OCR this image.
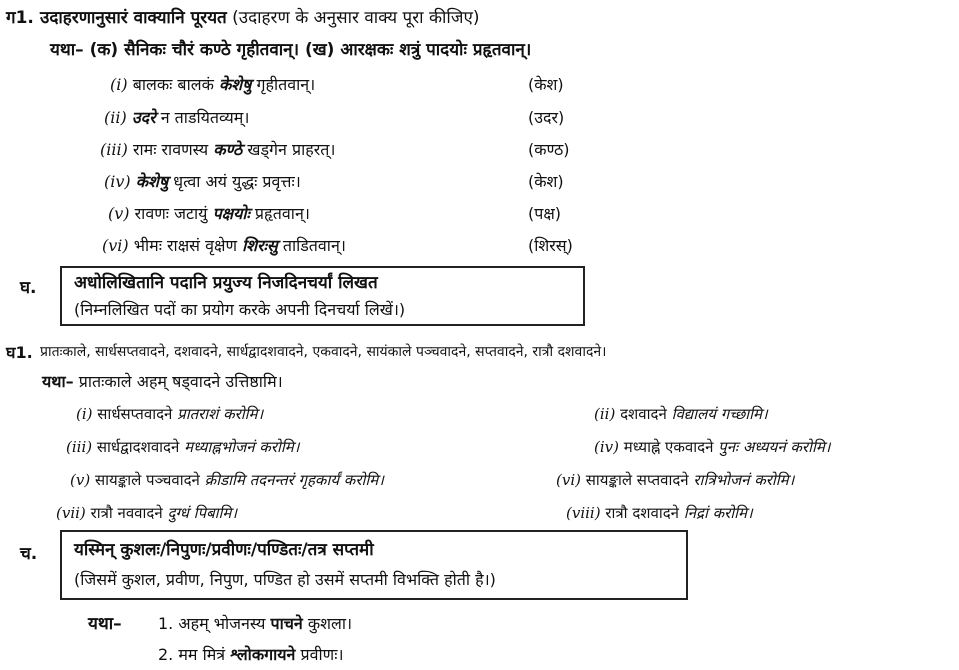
ग1. उदाहरणानुसारं वाक्यानि पूरयत (उदाहरण के अनुसार वाक्य पूरा कीजिए)
यथा– (क) सैनिकः चौरं कण्ठे गृहीतवान्। (ख) आरक्षकः शत्रुं पादयोः प्रहृतवान्।
(i) बालकः बालकं केशेषु गृहीतवान्।	(केश)
(ii) उदरे न ताडयितव्यम्।	(उदर)
(iii) रामः रावणस्य कण्ठे खड्गेन प्राहरत्।	(कण्ठ)
(iv) केशेषु धृत्वा अयं युद्धः प्रवृत्तः।	(केश)
(v) रावणः जटायुं पक्षयोः प्रहृतवान्।	(पक्ष)
(vi) भीमः राक्षसं वृक्षेण शिरःसु ताडितवान्।	(शिरस्)
घ. अधोलिखितानि पदानि प्रयुज्य निजदिनचर्यां लिखत
(निम्नलिखित पदों का प्रयोग करके अपनी दिनचर्या लिखें।)
घ1. प्रातःकाले, सार्धसप्तवादने, दशवादने, सार्धद्वादशवादने, एकवादने, सायंकाले पञ्चवादने, सप्तवादने, रात्रौ दशवादने।
यथा– प्रातःकाले अहम् षड्वादने उत्तिष्ठामि।
(i) सार्धसप्तवादने प्रातराशं करोमि।	(ii) दशवादने विद्यालयं गच्छामि।
(iii) सार्धद्वादशवादने मध्याह्नभोजनं करोमि।	(iv) मध्याह्ने एकवादने पुनः अध्ययनं करोमि।
(v) सायङ्काले पञ्चवादने क्रीडामि तदनन्तरं गृहकार्यं करोमि।	(vi) सायङ्काले सप्तवादने रात्रिभोजनं करोमि।
(vii) रात्रौ नववादने दुग्धं पिबामि।	(viii) रात्रौ दशवादने निद्रां करोमि।
च. यस्मिन् कुशलः/निपुणः/प्रवीणः/पण्डितः/तत्र सप्तमी
(जिसमें कुशल, प्रवीण, निपुण, पण्डित हो उसमें सप्तमी विभक्ति होती है।)
यथा– 1. अहम् भोजनस्य पाचने कुशला।
2. मम मित्रं श्लोकगायने प्रवीणः।
